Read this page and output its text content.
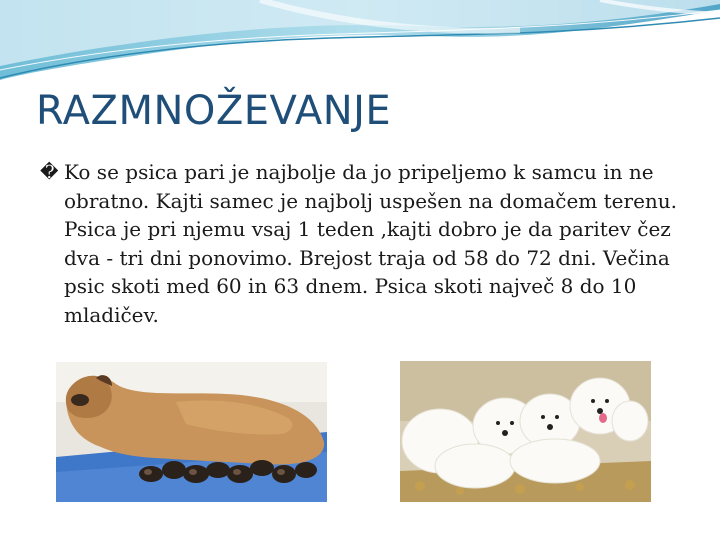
RAZMNOŽEVANJE
� Ko se psica pari je najbolje da jo pripeljemo k samcu in ne obratno. Kajti samec je najbolj uspešen na domačem terenu. Psica je pri njemu vsaj 1 teden ,kajti dobro je da paritev čez dva - tri dni ponovimo. Brejost traja od 58 do 72 dni. Večina psic skoti med 60 in 63 dnem. Psica skoti največ 8 do 10 mladičev.
